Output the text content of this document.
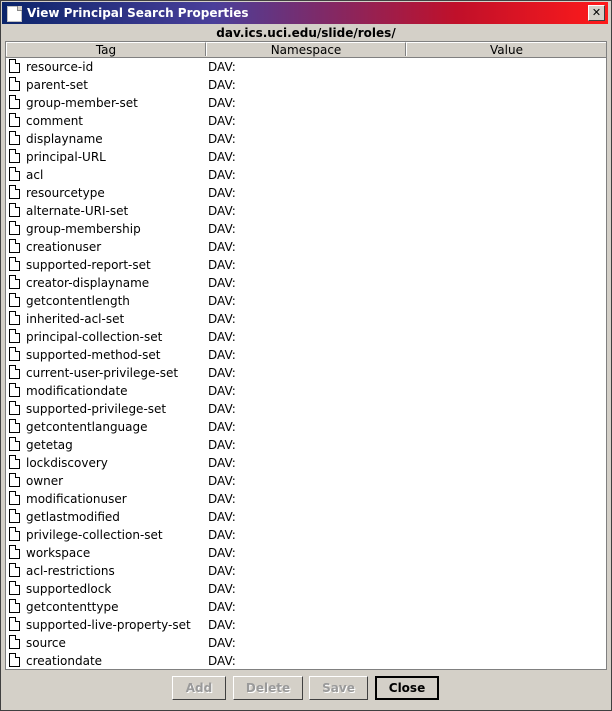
View Principal Search Properties	✕
dav.ics.uci.edu/slide/roles/
Tag	Namespace	Value
resource-id	DAV:
parent-set	DAV:
group-member-set	DAV:
comment	DAV:
displayname	DAV:
principal-URL	DAV:
acl	DAV:
resourcetype	DAV:
alternate-URI-set	DAV:
group-membership	DAV:
creationuser	DAV:
supported-report-set	DAV:
creator-displayname	DAV:
getcontentlength	DAV:
inherited-acl-set	DAV:
principal-collection-set	DAV:
supported-method-set	DAV:
current-user-privilege-set DAV:
modificationdate	DAV:
supported-privilege-set	DAV:
getcontentlanguage	DAV:
getetag	DAV:
lockdiscovery	DAV:
owner	DAV:
modificationuser	DAV:
getlastmodified	DAV:
privilege-collection-set	DAV:
workspace	DAV:
acl-restrictions	DAV:
supportedlock	DAV:
getcontenttype	DAV:
supported-live-property-set DAV:
source	DAV:
creationdate	DAV:
Add	Delete	Save	Close
